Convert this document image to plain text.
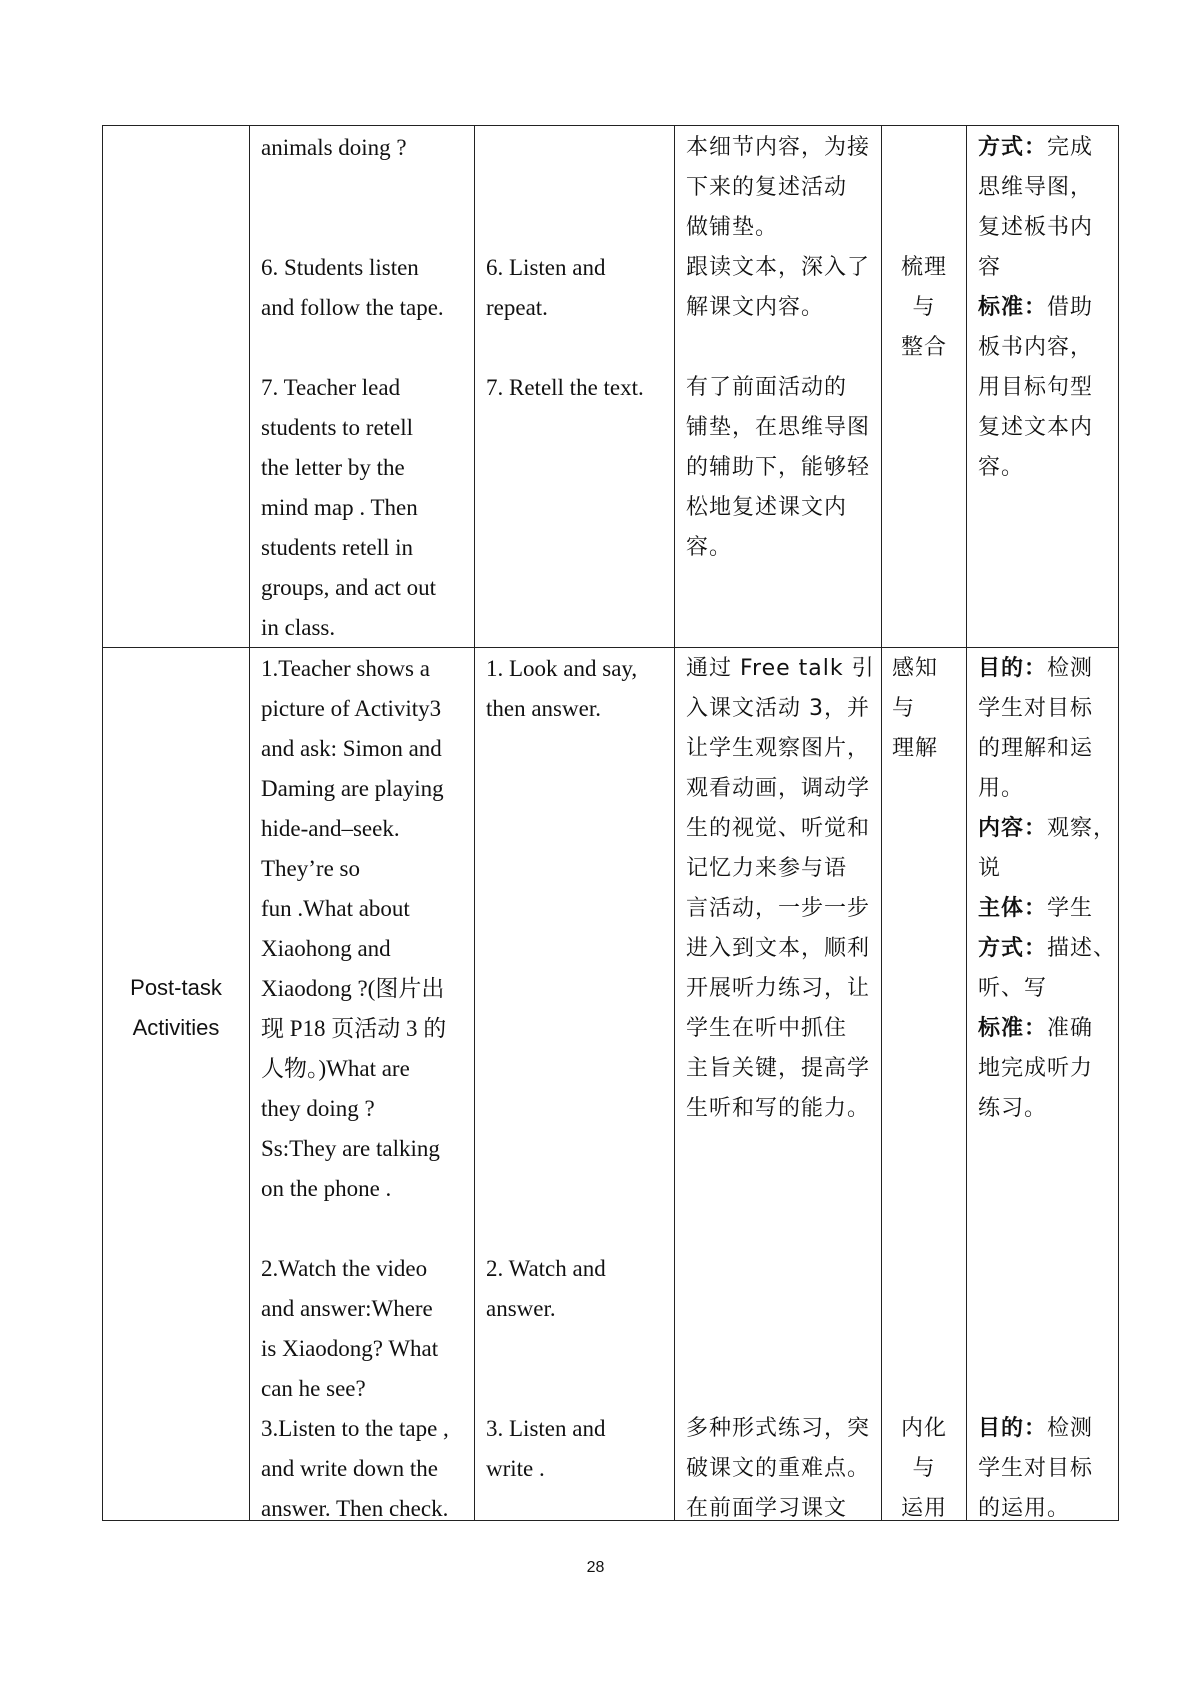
animals doing ?
6. Students listen
and follow the tape.
7. Teacher lead
students to retell
the letter by the
mind map . Then
students retell in
groups, and act out
in class.
6. Listen and
repeat.
7. Retell the text.
本细节内容，为接
下来的复述活动
做铺垫。
跟读文本，深入了
解课文内容。
有了前面活动的
铺垫，在思维导图
的辅助下，能够轻
松地复述课文内
容。
梳理
与
整合
方式：完成
思维导图，
复述板书内
容
标准：借助
板书内容，
用目标句型
复述文本内
容。
Post-task
Activities
1.Teacher shows a
picture of Activity3
and ask: Simon and
Daming are playing
hide-and–seek.
They’re so
fun .What about
Xiaohong and
Xiaodong ?(图片出
现 P18 页活动 3 的
人物。)What are
they doing ?
Ss:They are talking
on the phone .
2.Watch the video
and answer:Where
is Xiaodong? What
can he see?
3.Listen to the tape ,
and write down the
answer. Then check.
1. Look and say,
then answer.
2. Watch and
answer.
3. Listen and
write .
通过 Free talk 引
入课文活动 3，并
让学生观察图片，
观看动画，调动学
生的视觉、听觉和
记忆力来参与语
言活动，一步一步
进入到文本，顺利
开展听力练习，让
学生在听中抓住
主旨关键，提高学
生听和写的能力。
多种形式练习，突
破课文的重难点。
在前面学习课文
感知
与
理解
内化
与
运用
目的：检测
学生对目标
的理解和运
用。
内容：观察，
说
主体：学生
方式：描述、
听、写
标准：准确
地完成听力
练习。
目的：检测
学生对目标
的运用。
28
